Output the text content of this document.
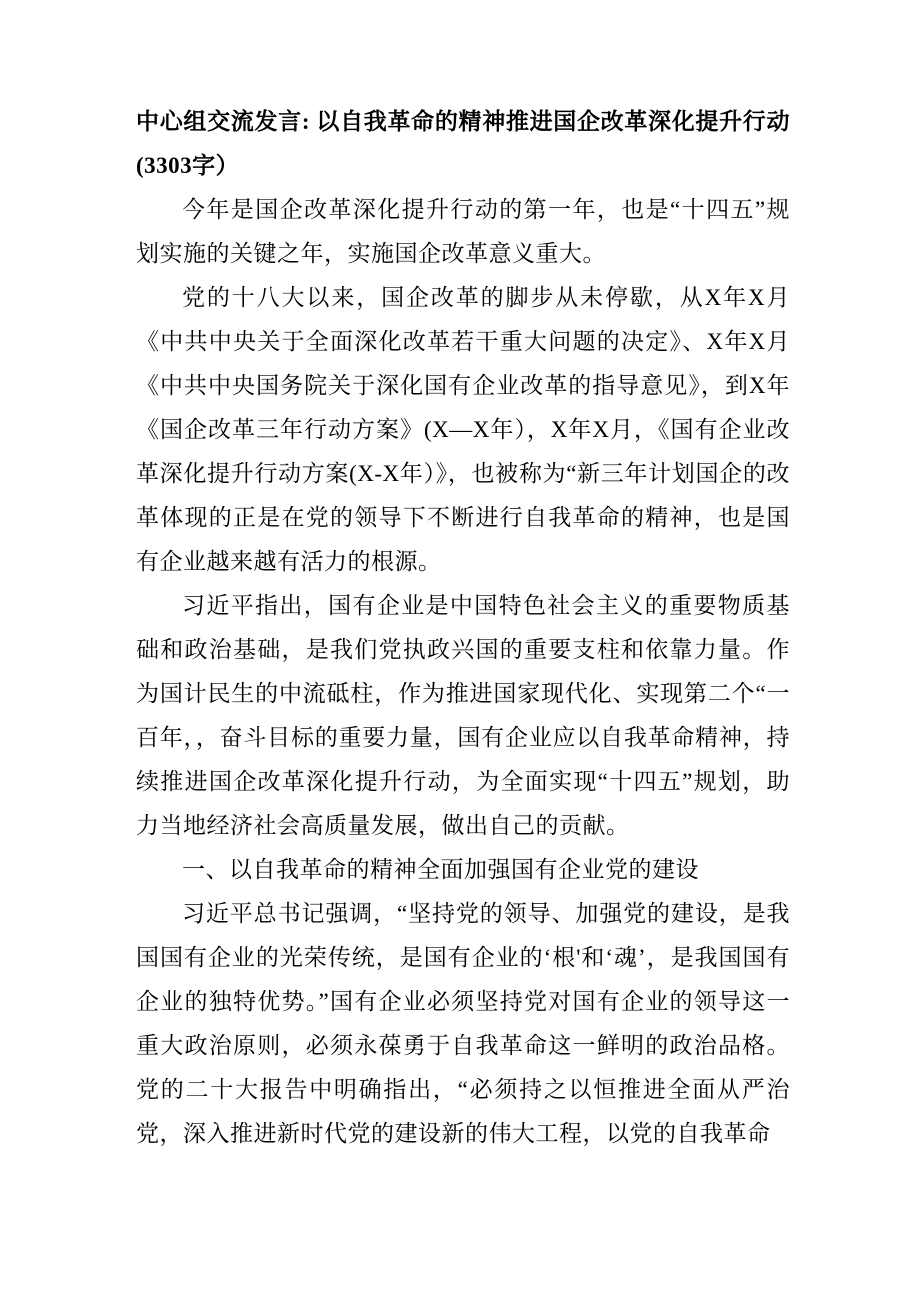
中心组交流发言: 以自我革命的精神推进国企改革深化提升行动 (3303字）

今年是国企改革深化提升行动的第一年，也是“十四五”规划实施的关键之年，实施国企改革意义重大。

党的十八大以来，国企改革的脚步从未停歇，从X年X月《中共中央关于全面深化改革若干重大问题的决定》、X年X月《中共中央国务院关于深化国有企业改革的指导意见》，到X年《国企改革三年行动方案》(X—X年），X年X月，《国有企业改革深化提升行动方案(X-X年）》，也被称为“新三年计划国企的改革体现的正是在党的领导下不断进行自我革命的精神，也是国有企业越来越有活力的根源。

习近平指出，国有企业是中国特色社会主义的重要物质基础和政治基础，是我们党执政兴国的重要支柱和依靠力量。作为国计民生的中流砥柱，作为推进国家现代化、实现第二个“一百年，，奋斗目标的重要力量，国有企业应以自我革命精神，持续推进国企改革深化提升行动，为全面实现“十四五”规划，助力当地经济社会高质量发展，做出自己的贡献。

一、以自我革命的精神全面加强国有企业党的建设

习近平总书记强调，“坚持党的领导、加强党的建设，是我国国有企业的光荣传统，是国有企业的‘根'和‘魂’，是我国国有企业的独特优势。”国有企业必须坚持党对国有企业的领导这一重大政治原则，必须永葆勇于自我革命这一鲜明的政治品格。党的二十大报告中明确指出，“必须持之以恒推进全面从严治党，深入推进新时代党的建设新的伟大工程，以党的自我革命
